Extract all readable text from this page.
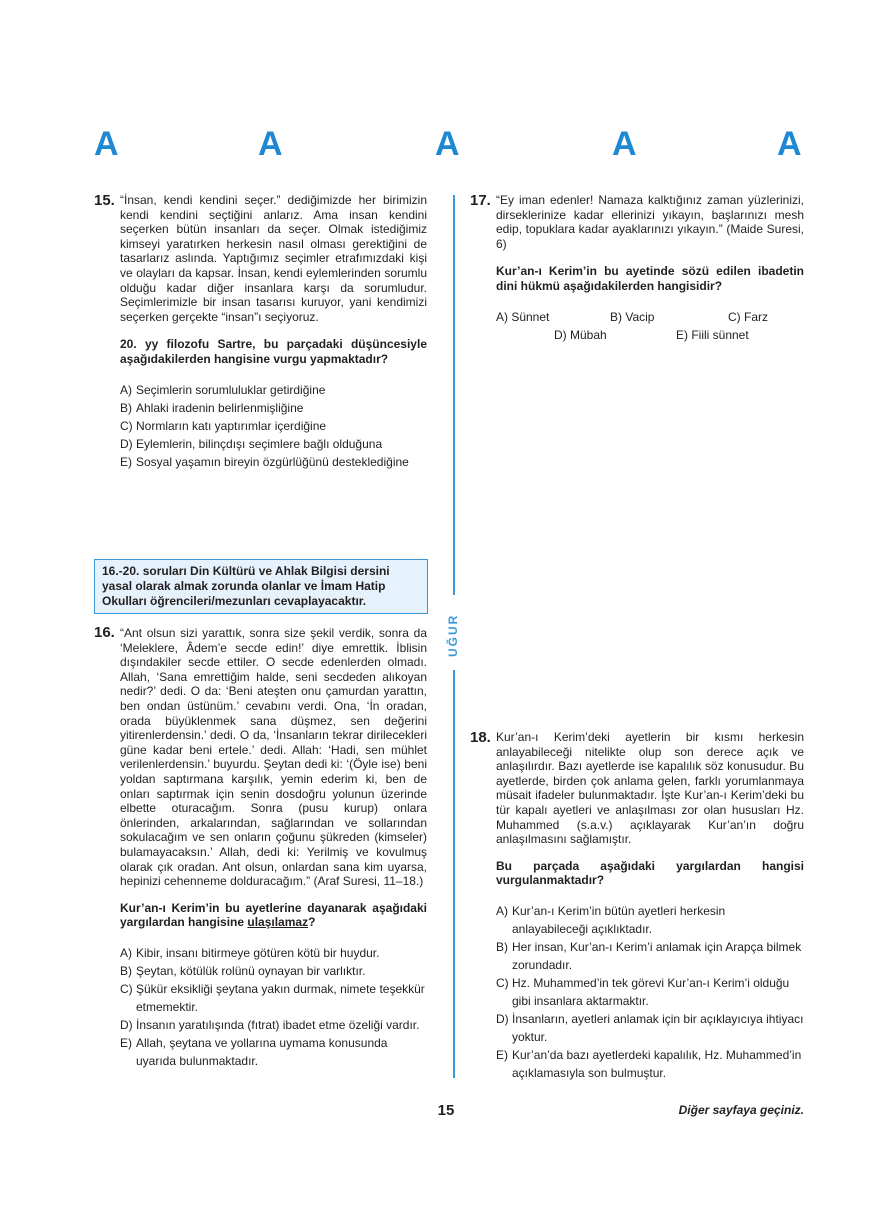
A	A	A	A	A
UĞUR
15. “İnsan, kendi kendini seçer.” dediğimizde her birimizin kendi kendini seçtiğini anlarız. Ama insan kendini seçerken bütün insanları da seçer. Olmak istediğimiz kimseyi yaratırken herkesin nasıl olması gerektiğini de tasarlarız aslında. Yaptığımız seçimler etrafımızdaki kişi ve olayları da kapsar. İnsan, kendi eylemlerinden sorumlu olduğu kadar diğer insanlara karşı da sorumludur. Seçimlerimizle bir insan tasarısı kuruyor, yani kendimizi seçerken gerçekte “insan”ı seçiyoruz.
20. yy filozofu Sartre, bu parçadaki düşüncesiyle aşağıdakilerden hangisine vurgu yapmaktadır?
A) Seçimlerin sorumluluklar getirdiğine
B) Ahlaki iradenin belirlenmişliğine
C) Normların katı yaptırımlar içerdiğine
D) Eylemlerin, bilinçdışı seçimlere bağlı olduğuna
E) Sosyal yaşamın bireyin özgürlüğünü desteklediğine
16.-20. soruları Din Kültürü ve Ahlak Bilgisi dersini yasal olarak almak zorunda olanlar ve İmam Hatip Okulları öğrencileri/mezunları cevaplayacaktır.
16. “Ant olsun sizi yarattık, sonra size şekil verdik, sonra da ‘Meleklere, Âdem’e secde edin!’ diye emrettik. İblisin dışındakiler secde ettiler. O secde edenlerden olmadı. Allah, ‘Sana emrettiğim halde, seni secdeden alıkoyan nedir?’ dedi. O da: ‘Beni ateşten onu çamurdan yarattın, ben ondan üstünüm.’ cevabını verdi. Ona, ‘İn oradan, orada büyüklenmek sana düşmez, sen değerini yitirenlerdensin.’ dedi. O da, ‘İnsanların tekrar dirilecekleri güne kadar beni ertele.’ dedi. Allah: ‘Hadi, sen mühlet verilenlerdensin.’ buyurdu. Şeytan dedi ki: ‘(Öyle ise) beni yoldan saptırmana karşılık, yemin ederim ki, ben de onları saptırmak için senin dosdoğru yolunun üzerinde elbette oturacağım. Sonra (pusu kurup) onlara önlerinden, arkalarından, sağlarından ve sollarından sokulacağım ve sen onların çoğunu şükreden (kimseler) bulamayacaksın.’ Allah, dedi ki: Yerilmiş ve kovulmuş olarak çık oradan. Ant olsun, onlardan sana kim uyarsa, hepinizi cehenneme dolduracağım.” (Araf Suresi, 11–18.)
Kur’an-ı Kerim’in bu ayetlerine dayanarak aşağıdaki yargılardan hangisine ulaşılamaz?
A) Kibir, insanı bitirmeye götüren kötü bir huydur.
B) Şeytan, kötülük rolünü oynayan bir varlıktır.
C) Şükür eksikliği şeytana yakın durmak, nimete teşekkür etmemektir.
D) İnsanın yaratılışında (fıtrat) ibadet etme özeliği vardır.
E) Allah, şeytana ve yollarına uymama konusunda uyarıda bulunmaktadır.
17. “Ey iman edenler! Namaza kalktığınız zaman yüzlerinizi, dirseklerinize kadar ellerinizi yıkayın, başlarınızı mesh edip, topuklara kadar ayaklarınızı yıkayın.” (Maide Suresi, 6)
Kur’an-ı Kerim’in bu ayetinde sözü edilen ibadetin dini hükmü aşağıdakilerden hangisidir?
A) Sünnet	B) Vacip	C) Farz
D) Mübah	E) Fiili sünnet
18. Kur’an-ı Kerim’deki ayetlerin bir kısmı herkesin anlayabileceği nitelikte olup son derece açık ve anlaşılırdır. Bazı ayetlerde ise kapalılık söz konusudur. Bu ayetlerde, birden çok anlama gelen, farklı yorumlanmaya müsait ifadeler bulunmaktadır. İşte Kur’an-ı Kerim’deki bu tür kapalı ayetleri ve anlaşılması zor olan hususları Hz. Muhammed (s.a.v.) açıklayarak Kur’an’ın doğru anlaşılmasını sağlamıştır.
Bu parçada aşağıdaki yargılardan hangisi vurgulanmaktadır?
A) Kur’an-ı Kerim’in bütün ayetleri herkesin anlayabileceği açıklıktadır.
B) Her insan, Kur’an-ı Kerim’i anlamak için Arapça bilmek zorundadır.
C) Hz. Muhammed’in tek görevi Kur’an-ı Kerim’i olduğu gibi insanlara aktarmaktır.
D) İnsanların, ayetleri anlamak için bir açıklayıcıya ihtiyacı yoktur.
E) Kur’an’da bazı ayetlerdeki kapalılık, Hz. Muhammed’in açıklamasıyla son bulmuştur.
15	Diğer sayfaya geçiniz.
